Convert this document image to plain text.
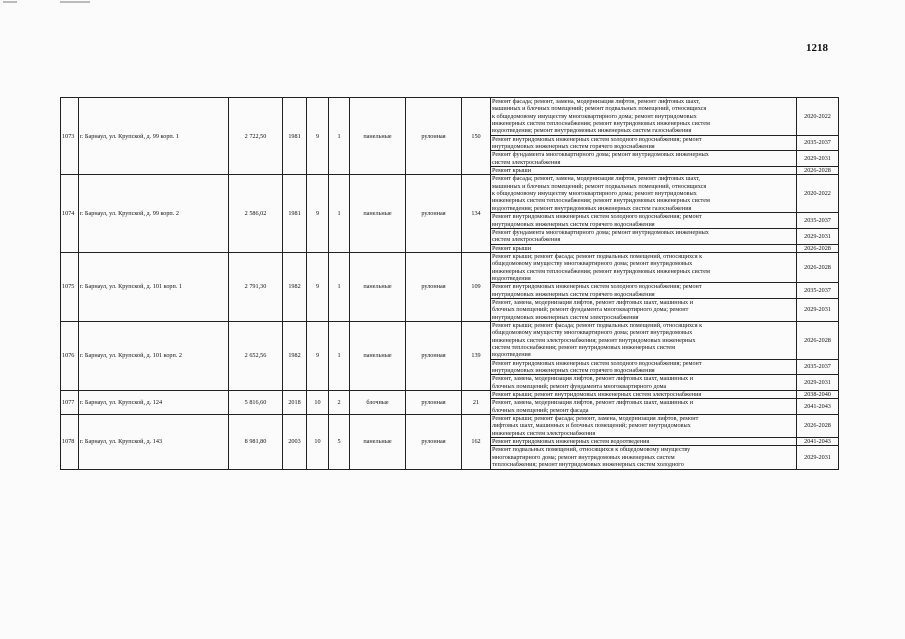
1218
1073	г. Барнаул, ул. Крупской, д. 99 корп. 1	2 722,50	1981	9	1	панельные	рулонная	150	Ремонт фасада; ремонт, замена, модернизация лифтов, ремонт лифтовых шахт,
машинных и блочных помещений; ремонт подвальных помещений, относящихся
к общедомовому имуществу многоквартирного дома; ремонт внутридомовых
инженерных систем теплоснабжения; ремонт внутридомовых инженерных систем
водоотведения; ремонт внутридомовых инженерных систем газоснабжения	2020-2022
									Ремонт внутридомовых инженерных систем холодного водоснабжения; ремонт
внутридомовых инженерных систем горячего водоснабжения	2035-2037
									Ремонт фундамента многоквартирного дома; ремонт внутридомовых инженерных
систем электроснабжения	2029-2031
									Ремонт крыши	2026-2028
1074	г. Барнаул, ул. Крупской, д. 99 корп. 2	2 586,02	1981	9	1	панельные	рулонная	134	Ремонт фасада; ремонт, замена, модернизация лифтов, ремонт лифтовых шахт,
машинных и блочных помещений; ремонт подвальных помещений, относящихся
к общедомовому имуществу многоквартирного дома; ремонт внутридомовых
инженерных систем теплоснабжения; ремонт внутридомовых инженерных систем
водоотведения; ремонт внутридомовых инженерных систем газоснабжения	2020-2022
									Ремонт внутридомовых инженерных систем холодного водоснабжения; ремонт
внутридомовых инженерных систем горячего водоснабжения	2035-2037
									Ремонт фундамента многоквартирного дома; ремонт внутридомовых инженерных
систем электроснабжения	2029-2031
									Ремонт крыши	2026-2028
1075	г. Барнаул, ул. Крупской, д. 101 корп. 1	2 791,30	1982	9	1	панельные	рулонная	109	Ремонт крыши; ремонт фасада; ремонт подвальных помещений, относящихся к
общедомовому имуществу многоквартирного дома; ремонт внутридомовых
инженерных систем теплоснабжения; ремонт внутридомовых инженерных систем
водоотведения	2026-2028
									Ремонт внутридомовых инженерных систем холодного водоснабжения; ремонт
внутридомовых инженерных систем горячего водоснабжения	2035-2037
									Ремонт, замена, модернизация лифтов, ремонт лифтовых шахт, машинных и
блочных помещений; ремонт фундамента многоквартирного дома; ремонт
внутридомовых инженерных систем электроснабжения	2029-2031
1076	г. Барнаул, ул. Крупской, д. 101 корп. 2	2 652,56	1982	9	1	панельные	рулонная	139	Ремонт крыши; ремонт фасада; ремонт подвальных помещений, относящихся к
общедомовому имуществу многоквартирного дома; ремонт внутридомовых
инженерных систем электроснабжения; ремонт внутридомовых инженерных
систем теплоснабжения; ремонт внутридомовых инженерных систем
водоотведения	2026-2028
									Ремонт внутридомовых инженерных систем холодного водоснабжения; ремонт
внутридомовых инженерных систем горячего водоснабжения	2035-2037
									Ремонт, замена, модернизация лифтов, ремонт лифтовых шахт, машинных и
блочных помещений; ремонт фундамента многоквартирного дома	2029-2031
1077	г. Барнаул, ул. Крупской, д. 124	5 816,60	2018	10	2	блочные	рулонная	21	Ремонт крыши; ремонт внутридомовых инженерных систем электроснабжения	2038-2040
									Ремонт, замена, модернизация лифтов, ремонт лифтовых шахт, машинных и
блочных помещений; ремонт фасада	2041-2043
1078	г. Барнаул, ул. Крупской, д. 143	8 981,80	2003	10	5	панельные	рулонная	162	Ремонт крыши; ремонт фасада; ремонт, замена, модернизация лифтов, ремонт
лифтовых шахт, машинных и блочных помещений; ремонт внутридомовых
инженерных систем электроснабжения	2026-2028
									Ремонт внутридомовых инженерных систем водоотведения	2041-2043
									Ремонт подвальных помещений, относящихся к общедомовому имуществу
многоквартирного дома; ремонт внутридомовых инженерных систем
теплоснабжения; ремонт внутридомовых инженерных систем холодного	2029-2031
